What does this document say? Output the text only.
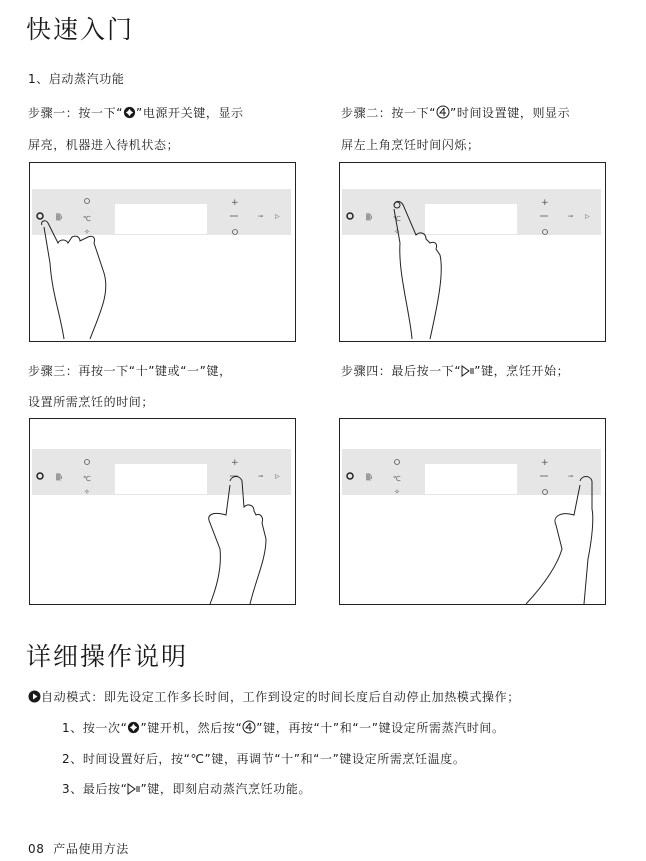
快速入门
1、启动蒸汽功能
步骤一：按一下“ ”电源开关键，显示
屏亮，机器进入待机状态；
步骤二：按一下“ ”时间设置键，则显示
屏左上角烹饪时间闪烁；
▒ı	℃
✧
+
⊸ ▷	▒ı	℃
✧
+
⊸ ▷
步骤三：再按一下“十”键或“一”键，
设置所需烹饪的时间；
步骤四：最后按一下“ ”键，烹饪开始；
▒ı	℃
✧
+
⊸ ▷	▒ı	℃
✧
+
⊸
详细操作说明
自动模式：即先设定工作多长时间，工作到设定的时间长度后自动停止加热模式操作；
1、按一次“ ”键开机，然后按“ ”键，再按“十”和“一”键设定所需蒸汽时间。
2、时间设置好后，按“℃”键，再调节“十”和“一”键设定所需烹饪温度。
3、最后按“ ”键，即刻启动蒸汽烹饪功能。
08  产品使用方法
